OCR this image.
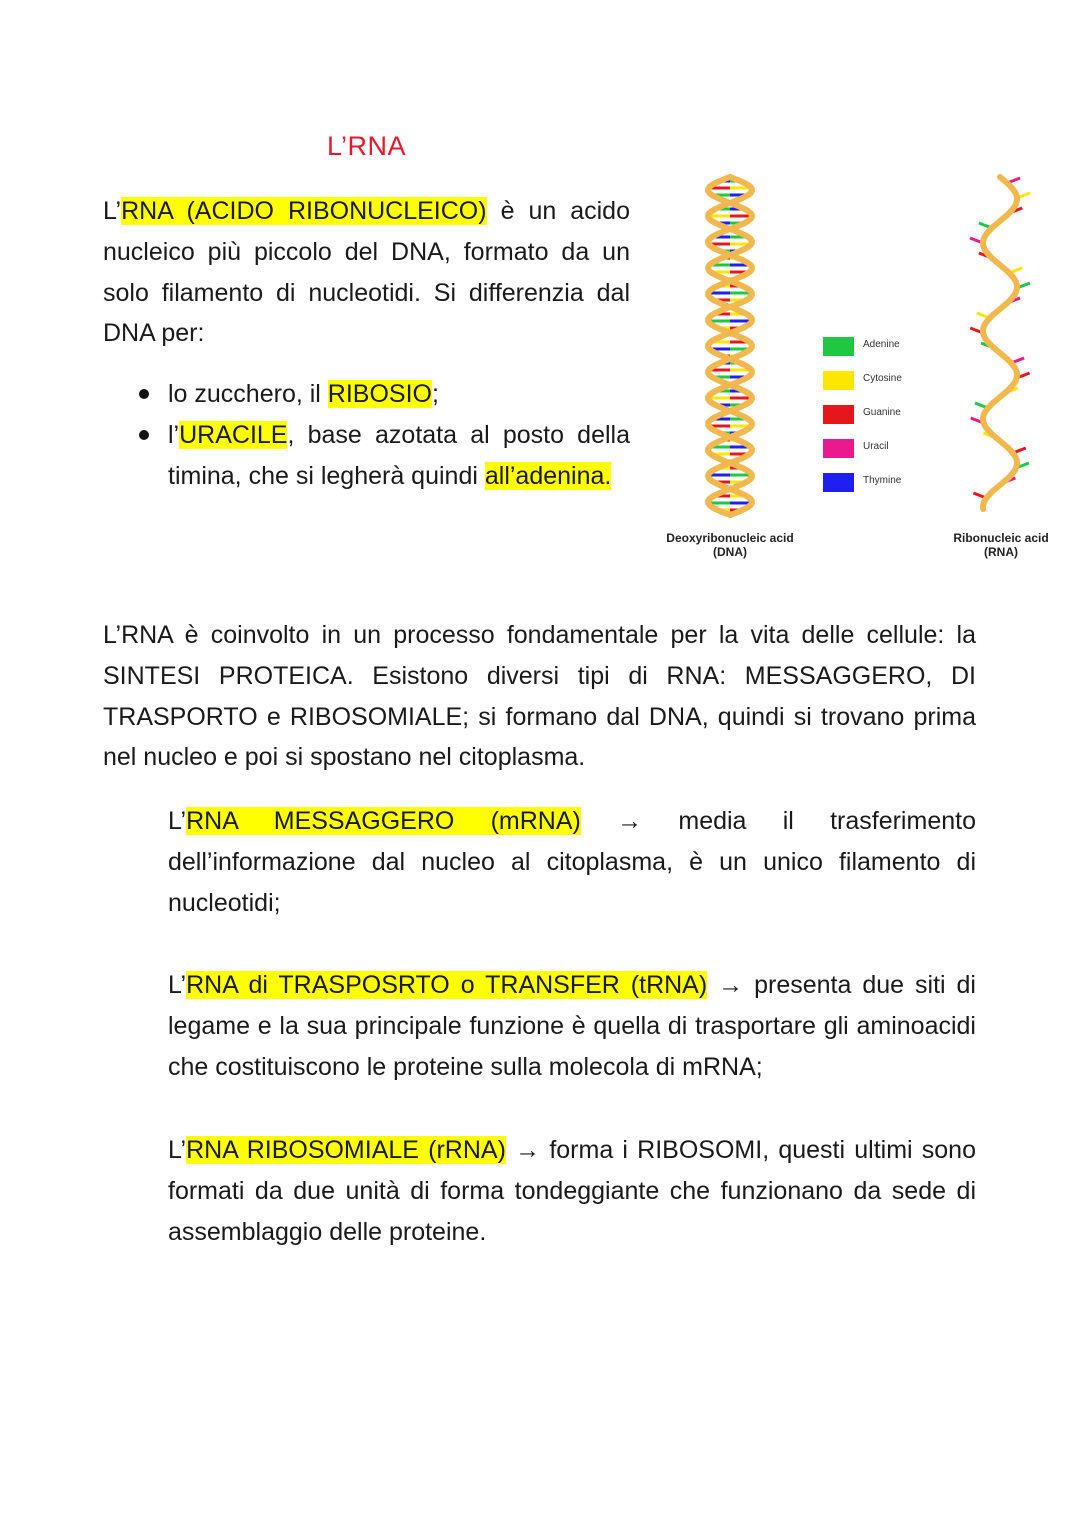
L’RNA

L’RNA (ACIDO RIBONUCLEICO) è un acido nucleico più piccolo del DNA, formato da un solo filamento di nucleotidi. Si differenzia dal DNA per:

lo zucchero, il RIBOSIO;
l’URACILE, base azotata al posto della timina, che si legherà quindi all’adenina.
Adenine
Cytosine
Guanine
Uracil
Thymine
Deoxyribonucleic acid
(DNA)
Ribonucleic acid
(RNA)

L’RNA è coinvolto in un processo fondamentale per la vita delle cellule: la SINTESI PROTEICA. Esistono diversi tipi di RNA: MESSAGGERO, DI TRASPORTO e RIBOSOMIALE; si formano dal DNA, quindi si trovano prima nel nucleo e poi si spostano nel citoplasma.

L’RNA MESSAGGERO (mRNA) → media il trasferimento dell’informazione dal nucleo al citoplasma, è un unico filamento di nucleotidi;
L’RNA di TRASPOSRTO o TRANSFER (tRNA) → presenta due siti di legame e la sua principale funzione è quella di trasportare gli aminoacidi che costituiscono le proteine sulla molecola di mRNA;
L’RNA RIBOSOMIALE (rRNA) → forma i RIBOSOMI, questi ultimi sono formati da due unità di forma tondeggiante che funzionano da sede di assemblaggio delle proteine.
